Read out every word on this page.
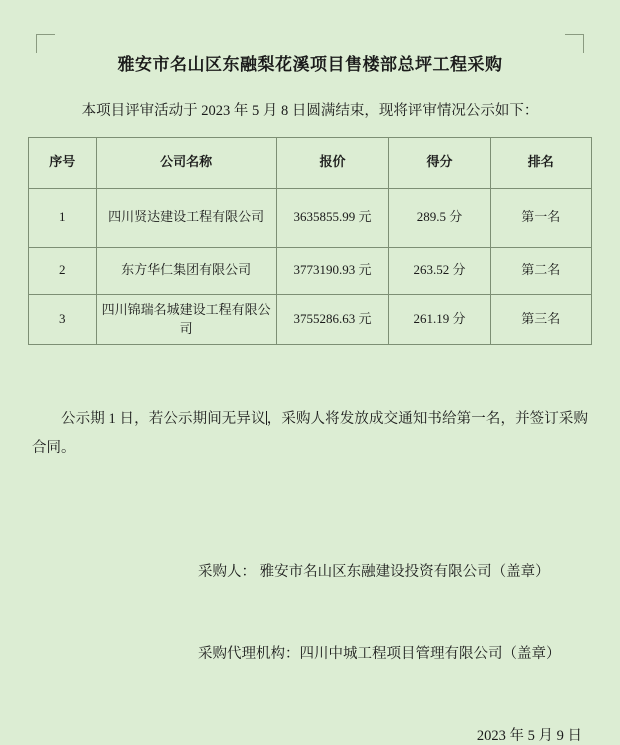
雅安市名山区东融梨花溪项目售楼部总坪工程采购

本项目评审活动于 2023 年 5 月 8 日圆满结束，现将评审情况公示如下：

序号	公司名称	报价	得分	排名
1	四川贤达建设工程有限公司	3635855.99 元	289.5 分	第一名
2	东方华仁集团有限公司	3773190.93 元	263.52 分	第二名
3	四川锦瑞名城建设工程有限公司	3755286.63 元	261.19 分	第三名

公示期 1 日，若公示期间无异议，采购人将发放成交通知书给第一名，并签订采购合同。

采购人： 雅安市名山区东融建设投资有限公司（盖章）

采购代理机构：四川中城工程项目管理有限公司（盖章）

2023 年 5 月 9 日
